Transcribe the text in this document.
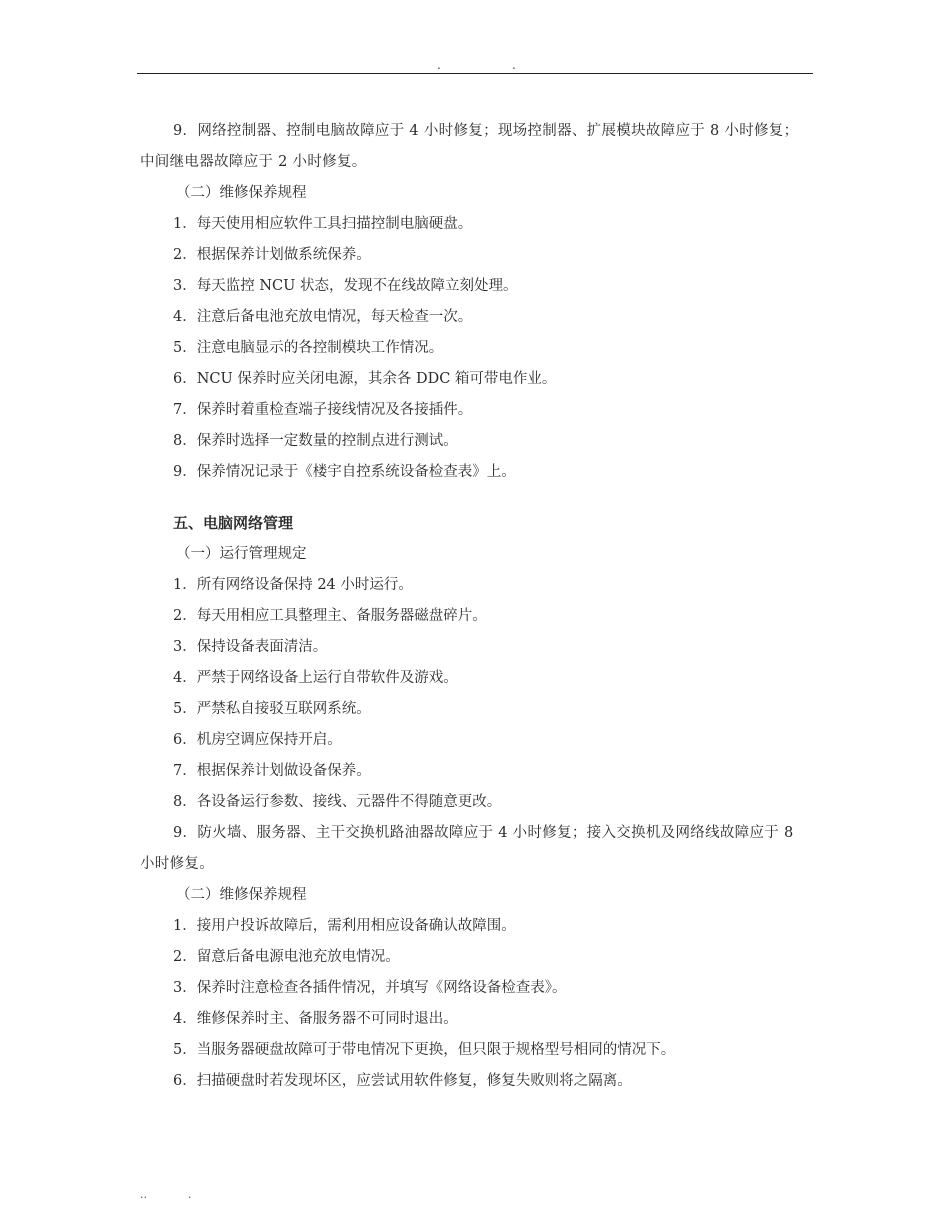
.	.

9．网络控制器、控制电脑故障应于 4 小时修复；现场控制器、扩展模块故障应于 8 小时修复；中间继电器故障应于 2 小时修复。

（二）维修保养规程

1．每天使用相应软件工具扫描控制电脑硬盘。

2．根据保养计划做系统保养。

3．每天监控 NCU 状态，发现不在线故障立刻处理。

4．注意后备电池充放电情况，每天检查一次。

5．注意电脑显示的各控制模块工作情况。

6．NCU 保养时应关闭电源，其余各 DDC 箱可带电作业。

7．保养时着重检查端子接线情况及各接插件。

8．保养时选择一定数量的控制点进行测试。

9．保养情况记录于《楼宇自控系统设备检查表》上。

五、电脑网络管理

（一）运行管理规定

1．所有网络设备保持 24 小时运行。

2．每天用相应工具整理主、备服务器磁盘碎片。

3．保持设备表面清洁。

4．严禁于网络设备上运行自带软件及游戏。

5．严禁私自接驳互联网系统。

6．机房空调应保持开启。

7．根据保养计划做设备保养。

8．各设备运行参数、接线、元器件不得随意更改。

9．防火墙、服务器、主干交换机路油器故障应于 4 小时修复；接入交换机及网络线故障应于 8 小时修复。

（二）维修保养规程

1．接用户投诉故障后，需利用相应设备确认故障围。

2．留意后备电源电池充放电情况。

3．保养时注意检查各插件情况，并填写《网络设备检查表》。

4．维修保养时主、备服务器不可同时退出。

5．当服务器硬盘故障可于带电情况下更换，但只限于规格型号相同的情况下。

6．扫描硬盘时若发现坏区，应尝试用软件修复，修复失败则将之隔离。

..	.
